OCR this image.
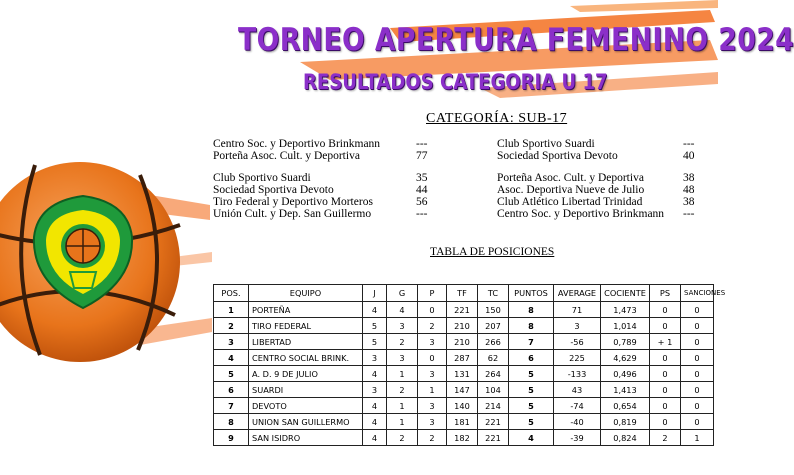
TORNEO APERTURA FEMENINO 2024
RESULTADOS CATEGORIA U 17
CATEGORÍA: SUB-17
Centro Soc. y Deportivo Brinkmann	---
Porteña Asoc. Cult. y Deportiva	77
Club Sportivo Suardi	35
Sociedad Sportiva Devoto	44
Tiro Federal y Deportivo Morteros	56
Unión Cult. y Dep. San Guillermo	---
Club Sportivo Suardi	---
Sociedad Sportiva Devoto	40
Porteña Asoc. Cult. y Deportiva	38
Asoc. Deportiva Nueve de Julio	48
Club Atlético Libertad Trinidad	38
Centro Soc. y Deportivo Brinkmann ---
TABLA DE POSICIONES
POS.	EQUIPO	J	G	P	TF	TC	PUNTOS	AVERAGE	COCIENTE	PS	SANCIONES
1	PORTEÑA	4	4	0	221	150	8	71	1,473	0	0
2	TIRO FEDERAL	5	3	2	210	207	8	3	1,014	0	0
3	LIBERTAD	5	2	3	210	266	7	-56	0,789	+ 1	0
4	CENTRO SOCIAL BRINK.	3	3	0	287	62	6	225	4,629	0	0
5	A. D. 9 DE JULIO	4	1	3	131	264	5	-133	0,496	0	0
6	SUARDI	3	2	1	147	104	5	43	1,413	0	0
7	DEVOTO	4	1	3	140	214	5	-74	0,654	0	0
8	UNION SAN GUILLERMO	4	1	3	181	221	5	-40	0,819	0	0
9	SAN ISIDRO	4	2	2	182	221	4	-39	0,824	2	1
